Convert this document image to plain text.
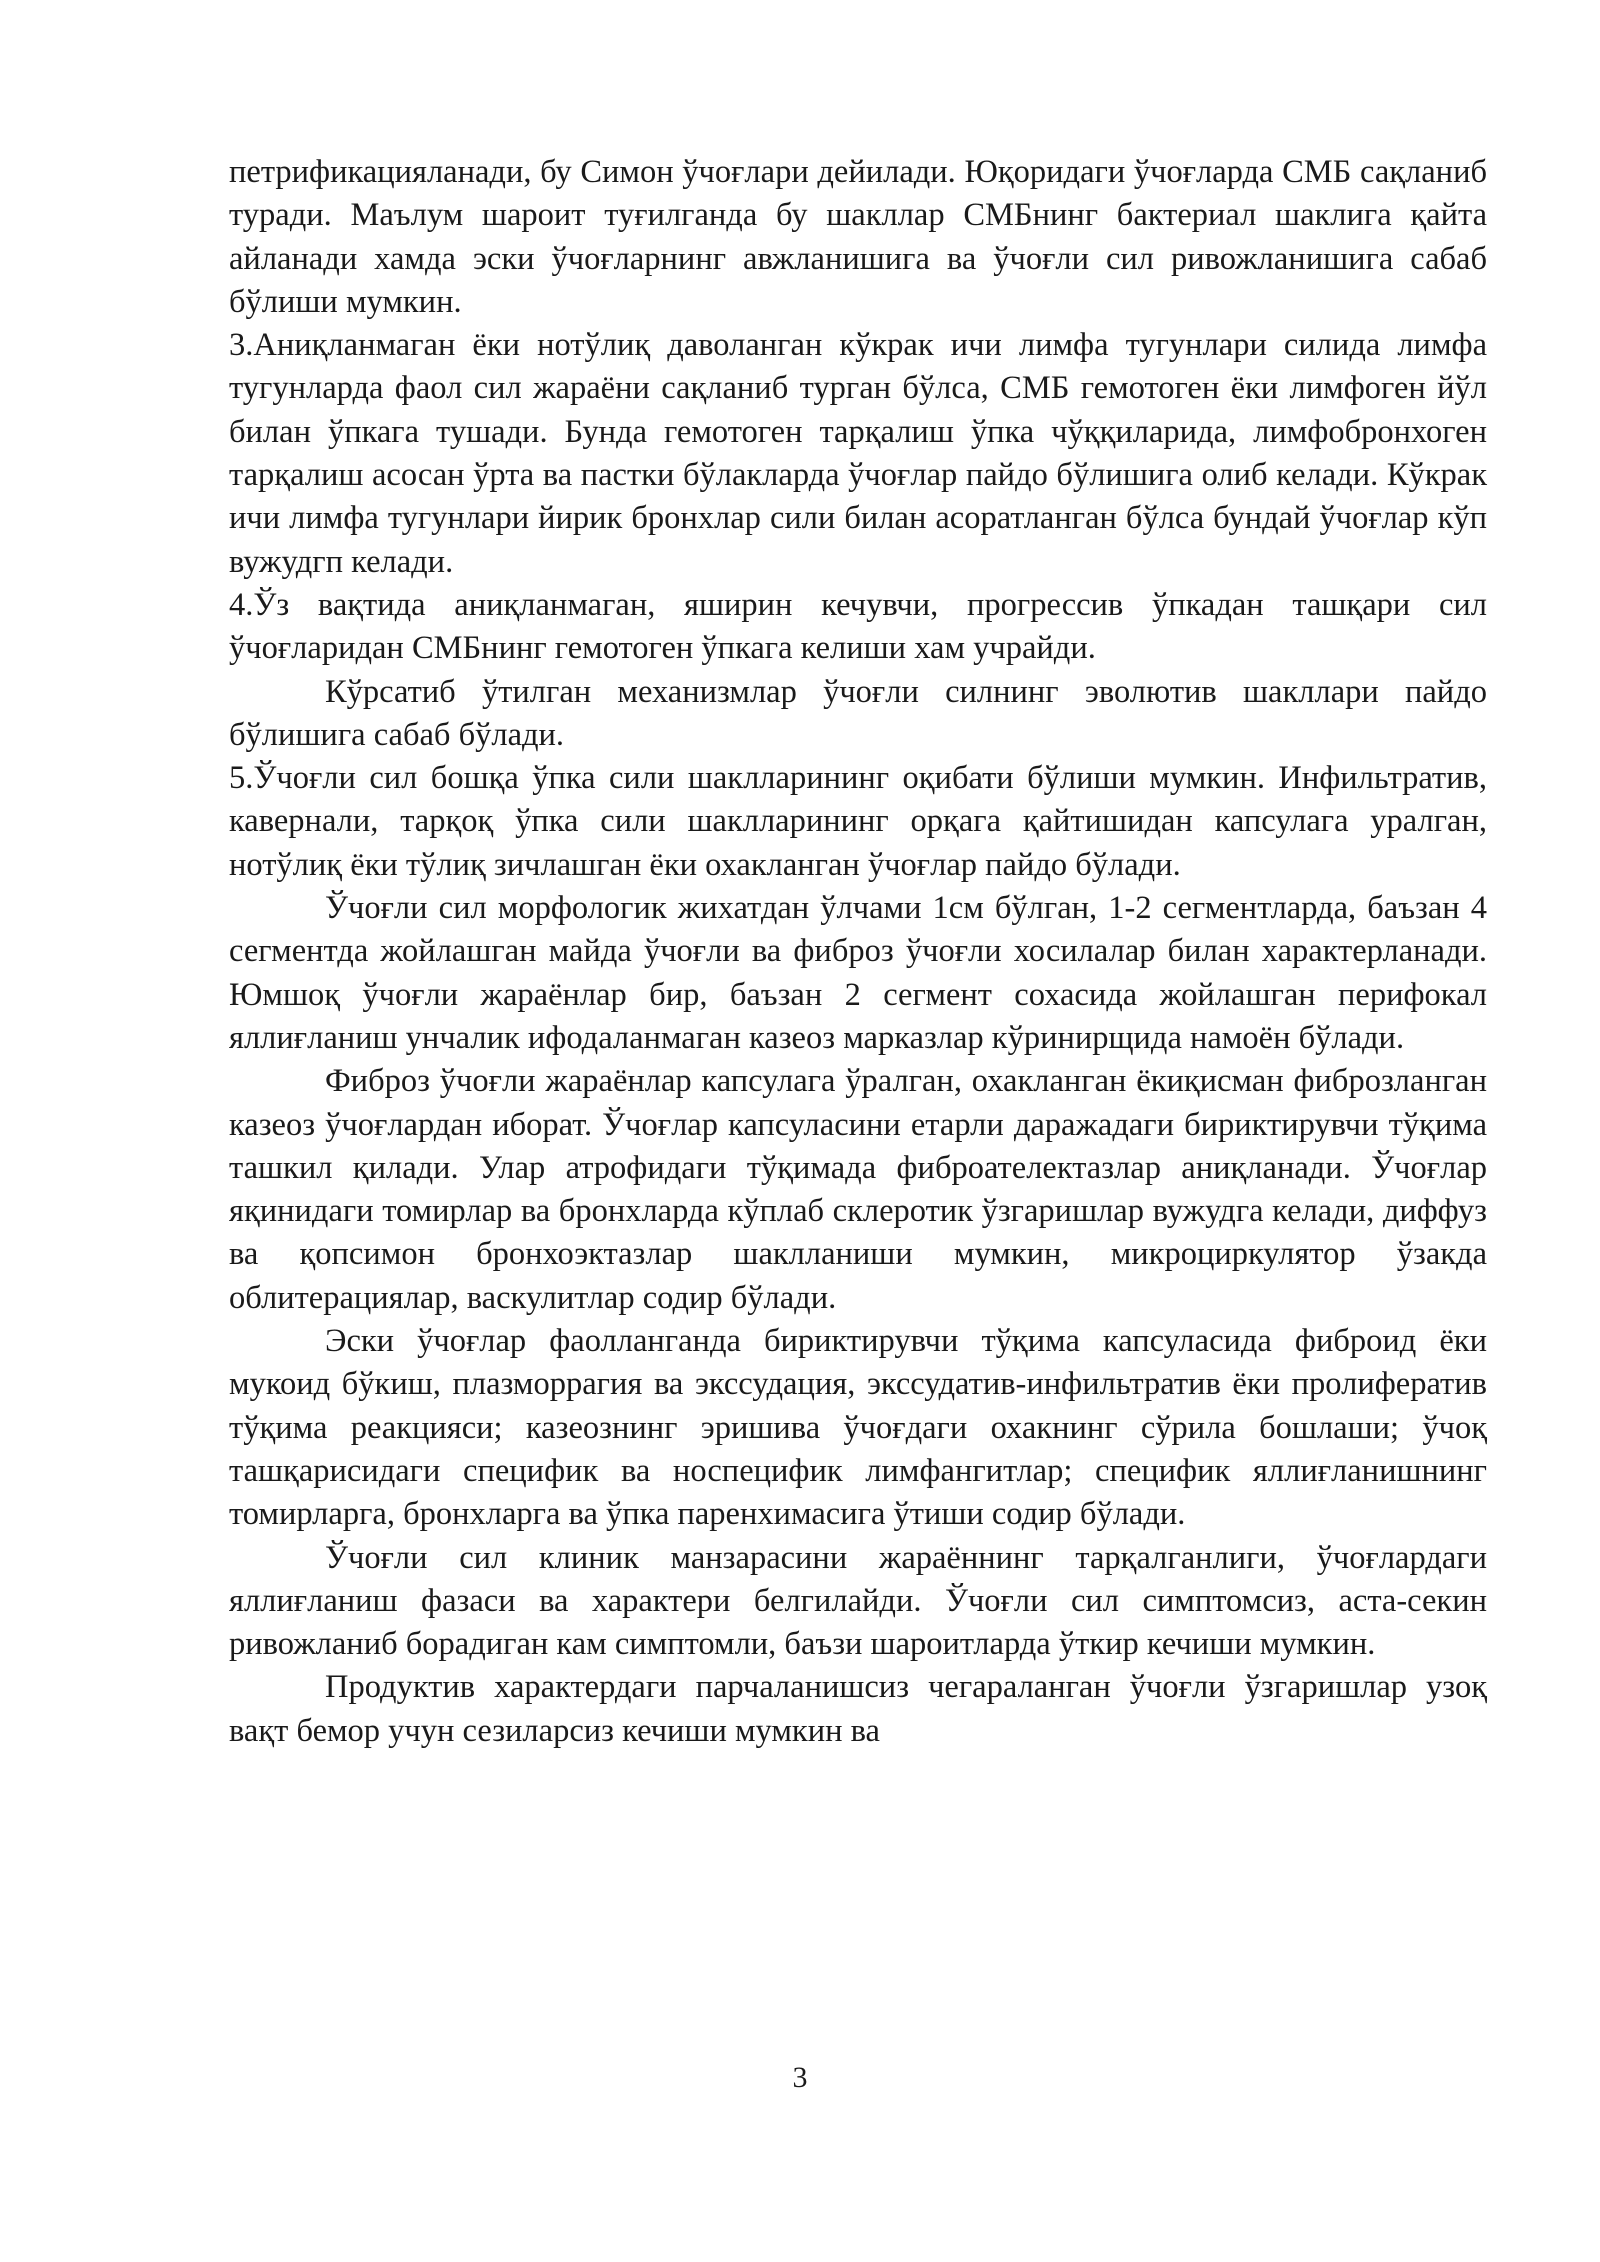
петрификацияланади, бу Симон ўчоғлари дейилади. Юқоридаги ўчоғларда СМБ сақланиб туради. Маълум шароит туғилганда бу шакллар СМБнинг бактериал шаклига қайта айланади хамда эски ўчоғларнинг авжланишига ва ўчоғли сил ривожланишига сабаб бўлиши мумкин.

3.Аниқланмаган ёки нотўлиқ даволанган кўкрак ичи лимфа тугунлари силида лимфа тугунларда фаол сил жараёни сақланиб турган бўлса, СМБ гемотоген ёки лимфоген йўл билан ўпкага тушади. Бунда гемотоген тарқалиш ўпка чўққиларида, лимфобронхоген тарқалиш асосан ўрта ва пастки бўлакларда ўчоғлар пайдо бўлишига олиб келади. Кўкрак ичи лимфа тугунлари йирик бронхлар сили билан асоратланган бўлса бундай ўчоғлар кўп вужудгп келади.

4.Ўз вақтида аниқланмаган, яширин кечувчи, прогрессив ўпкадан ташқари сил ўчоғларидан СМБнинг гемотоген ўпкага келиши хам учрайди.

Кўрсатиб ўтилган механизмлар ўчоғли силнинг эволютив шакллари пайдо бўлишига сабаб бўлади.

5.Ўчоғли сил бошқа ўпка сили шаклларининг оқибати бўлиши мумкин. Инфильтратив, кавернали, тарқоқ ўпка сили шаклларининг орқага қайтишидан капсулага уралган, нотўлиқ ёки тўлиқ зичлашган ёки охакланган ўчоғлар пайдо бўлади.

Ўчоғли сил морфологик жихатдан ўлчами 1см бўлган, 1-2 сегментларда, баъзан 4 сегментда жойлашган майда ўчоғли ва фиброз ўчоғли хосилалар билан характерланади. Юмшоқ ўчоғли жараёнлар бир, баъзан 2 сегмент сохасида жойлашган перифокал яллиғланиш унчалик ифодаланмаган казеоз марказлар кўринирщида намоён бўлади.

Фиброз ўчоғли жараёнлар капсулага ўралган, охакланган ёкиқисман фиброзланган казеоз ўчоғлардан иборат. Ўчоғлар капсуласини етарли даражадаги бириктирувчи тўқима ташкил қилади. Улар атрофидаги тўқимада фиброателектазлар аниқланади. Ўчоғлар яқинидаги томирлар ва бронхларда кўплаб склеротик ўзгаришлар вужудга келади, диффуз ва қопсимон бронхоэктазлар шаклланиши мумкин, микроциркулятор ўзакда облитерациялар, васкулитлар содир бўлади.

Эски ўчоғлар фаолланганда бириктирувчи тўқима капсуласида фиброид ёки мукоид бўкиш, плазморрагия ва экссудация, экссудатив-инфильтратив ёки пролифератив тўқима реакцияси; казеознинг эришива ўчоғдаги охакнинг сўрила бошлаши; ўчоқ ташқарисидаги специфик ва носпецифик лимфангитлар; специфик яллиғланишнинг томирларга, бронхларга ва ўпка паренхимасига ўтиши содир бўлади.

Ўчоғли сил клиник манзарасини жараённинг тарқалганлиги, ўчоғлардаги яллиғланиш фазаси ва характери белгилайди. Ўчоғли сил симптомсиз, аста-секин ривожланиб борадиган кам симптомли, баъзи шароитларда ўткир кечиши мумкин.

Продуктив характердаги парчаланишсиз чегараланган ўчоғли ўзгаришлар узоқ вақт бемор учун сезиларсиз кечиши мумкин ва

3
